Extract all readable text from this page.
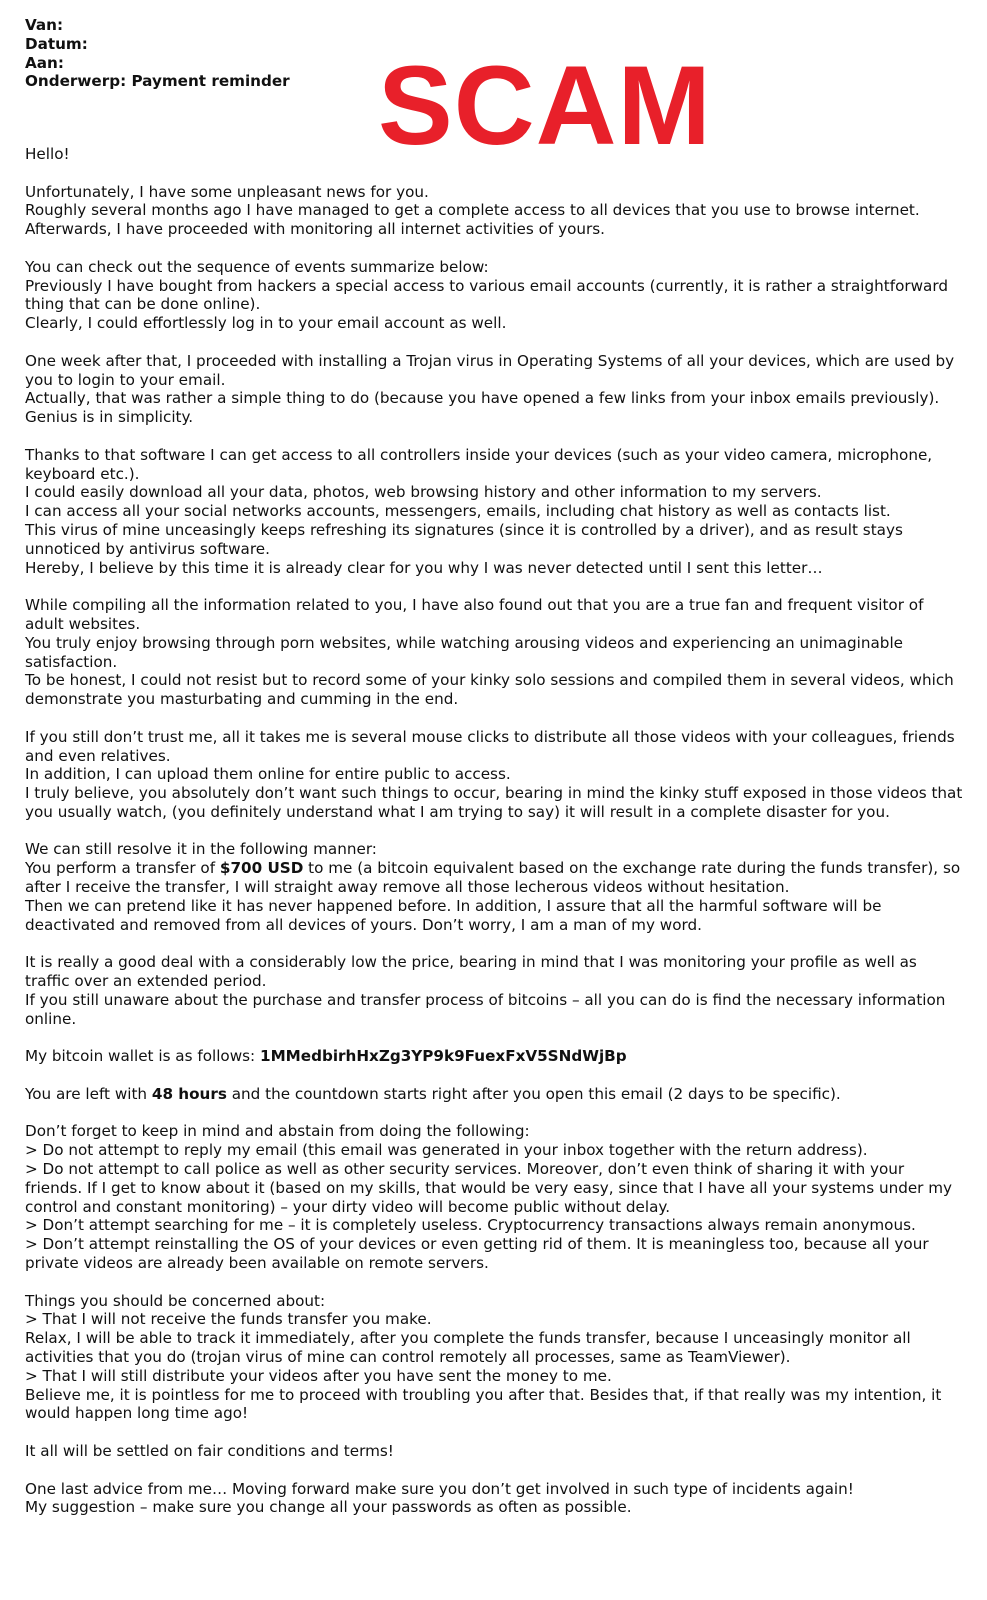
Van:
Datum:
Aan:
Onderwerp: Payment reminder SCAM

Hello!

Unfortunately, I have some unpleasant news for you.
Roughly several months ago I have managed to get a complete access to all devices that you use to browse internet.
Afterwards, I have proceeded with monitoring all internet activities of yours.

You can check out the sequence of events summarize below:
Previously I have bought from hackers a special access to various email accounts (currently, it is rather a straightforward thing that can be done online).
Clearly, I could effortlessly log in to your email account as well.

One week after that, I proceeded with installing a Trojan virus in Operating Systems of all your devices, which are used by you to login to your email.
Actually, that was rather a simple thing to do (because you have opened a few links from your inbox emails previously).
Genius is in simplicity.

Thanks to that software I can get access to all controllers inside your devices (such as your video camera, microphone, keyboard etc.).
I could easily download all your data, photos, web browsing history and other information to my servers.
I can access all your social networks accounts, messengers, emails, including chat history as well as contacts list.
This virus of mine unceasingly keeps refreshing its signatures (since it is controlled by a driver), and as result stays unnoticed by antivirus software.
Hereby, I believe by this time it is already clear for you why I was never detected until I sent this letter…

While compiling all the information related to you, I have also found out that you are a true fan and frequent visitor of adult websites.
You truly enjoy browsing through porn websites, while watching arousing videos and experiencing an unimaginable satisfaction.
To be honest, I could not resist but to record some of your kinky solo sessions and compiled them in several videos, which demonstrate you masturbating and cumming in the end.

If you still don’t trust me, all it takes me is several mouse clicks to distribute all those videos with your colleagues, friends and even relatives.
In addition, I can upload them online for entire public to access.
I truly believe, you absolutely don’t want such things to occur, bearing in mind the kinky stuff exposed in those videos that you usually watch, (you definitely understand what I am trying to say) it will result in a complete disaster for you.

We can still resolve it in the following manner:
You perform a transfer of $700 USD to me (a bitcoin equivalent based on the exchange rate during the funds transfer), so after I receive the transfer, I will straight away remove all those lecherous videos without hesitation.
Then we can pretend like it has never happened before. In addition, I assure that all the harmful software will be deactivated and removed from all devices of yours. Don’t worry, I am a man of my word.

It is really a good deal with a considerably low the price, bearing in mind that I was monitoring your profile as well as traffic over an extended period.
If you still unaware about the purchase and transfer process of bitcoins – all you can do is find the necessary information online.

My bitcoin wallet is as follows: 1MMedbirhHxZg3YP9k9FuexFxV5SNdWjBp

You are left with 48 hours and the countdown starts right after you open this email (2 days to be specific).

Don’t forget to keep in mind and abstain from doing the following:
> Do not attempt to reply my email (this email was generated in your inbox together with the return address).
> Do not attempt to call police as well as other security services. Moreover, don’t even think of sharing it with your friends. If I get to know about it (based on my skills, that would be very easy, since that I have all your systems under my control and constant monitoring) – your dirty video will become public without delay.
> Don’t attempt searching for me – it is completely useless. Cryptocurrency transactions always remain anonymous.
> Don’t attempt reinstalling the OS of your devices or even getting rid of them. It is meaningless too, because all your private videos are already been available on remote servers.

Things you should be concerned about:
> That I will not receive the funds transfer you make.
Relax, I will be able to track it immediately, after you complete the funds transfer, because I unceasingly monitor all activities that you do (trojan virus of mine can control remotely all processes, same as TeamViewer).
> That I will still distribute your videos after you have sent the money to me.
Believe me, it is pointless for me to proceed with troubling you after that. Besides that, if that really was my intention, it would happen long time ago!

It all will be settled on fair conditions and terms!

One last advice from me… Moving forward make sure you don’t get involved in such type of incidents again!
My suggestion – make sure you change all your passwords as often as possible.
